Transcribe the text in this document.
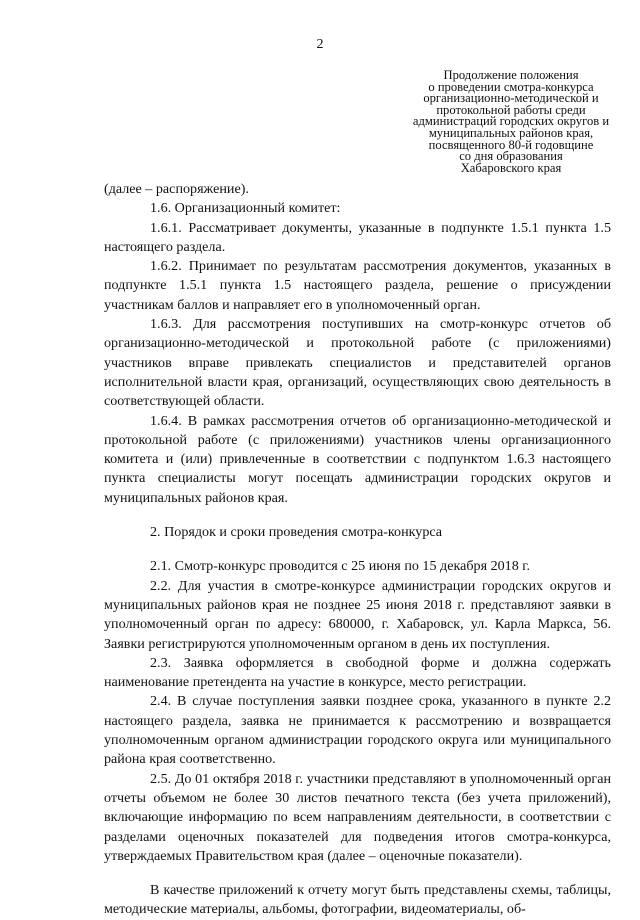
2
Продолжение положения
о проведении смотра-конкурса
организационно-методической и
протокольной работы среди
администраций городских округов и
муниципальных районов края,
посвященного 80-й годовщине
со дня образования
Хабаровского края

(далее – распоряжение).

1.6. Организационный комитет:

1.6.1. Рассматривает документы, указанные в подпункте 1.5.1 пункта 1.5 настоящего раздела.

1.6.2. Принимает по результатам рассмотрения документов, указанных в подпункте 1.5.1 пункта 1.5 настоящего раздела, решение о присуждении участникам баллов и направляет его в уполномоченный орган.

1.6.3. Для рассмотрения поступивших на смотр-конкурс отчетов об организационно-методической и протокольной работе (с приложениями) участников вправе привлекать специалистов и представителей органов исполнительной власти края, организаций, осуществляющих свою деятельность в соответствующей области.

1.6.4. В рамках рассмотрения отчетов об организационно-методической и протокольной работе (с приложениями) участников члены организационного комитета и (или) привлеченные в соответствии с подпунктом 1.6.3 настоящего пункта специалисты могут посещать администрации городских округов и муниципальных районов края.

2. Порядок и сроки проведения смотра-конкурса

2.1. Смотр-конкурс проводится с 25 июня по 15 декабря 2018 г.

2.2. Для участия в смотре-конкурсе администрации городских округов и муниципальных районов края не позднее 25 июня 2018 г. представляют заявки в уполномоченный орган по адресу: 680000, г. Хабаровск, ул. Карла Маркса, 56. Заявки регистрируются уполномоченным органом в день их поступления.

2.3. Заявка оформляется в свободной форме и должна содержать наименование претендента на участие в конкурсе, место регистрации.

2.4. В случае поступления заявки позднее срока, указанного в пункте 2.2 настоящего раздела, заявка не принимается к рассмотрению и возвращается уполномоченным органом администрации городского округа или муниципального района края соответственно.

2.5. До 01 октября 2018 г. участники представляют в уполномоченный орган отчеты объемом не более 30 листов печатного текста (без учета приложений), включающие информацию по всем направлениям деятельности, в соответствии с разделами оценочных показателей для подведения итогов смотра-конкурса, утверждаемых Правительством края (далее – оценочные показатели).

В качестве приложений к отчету могут быть представлены схемы, таблицы, методические материалы, альбомы, фотографии, видеоматериалы, об-
